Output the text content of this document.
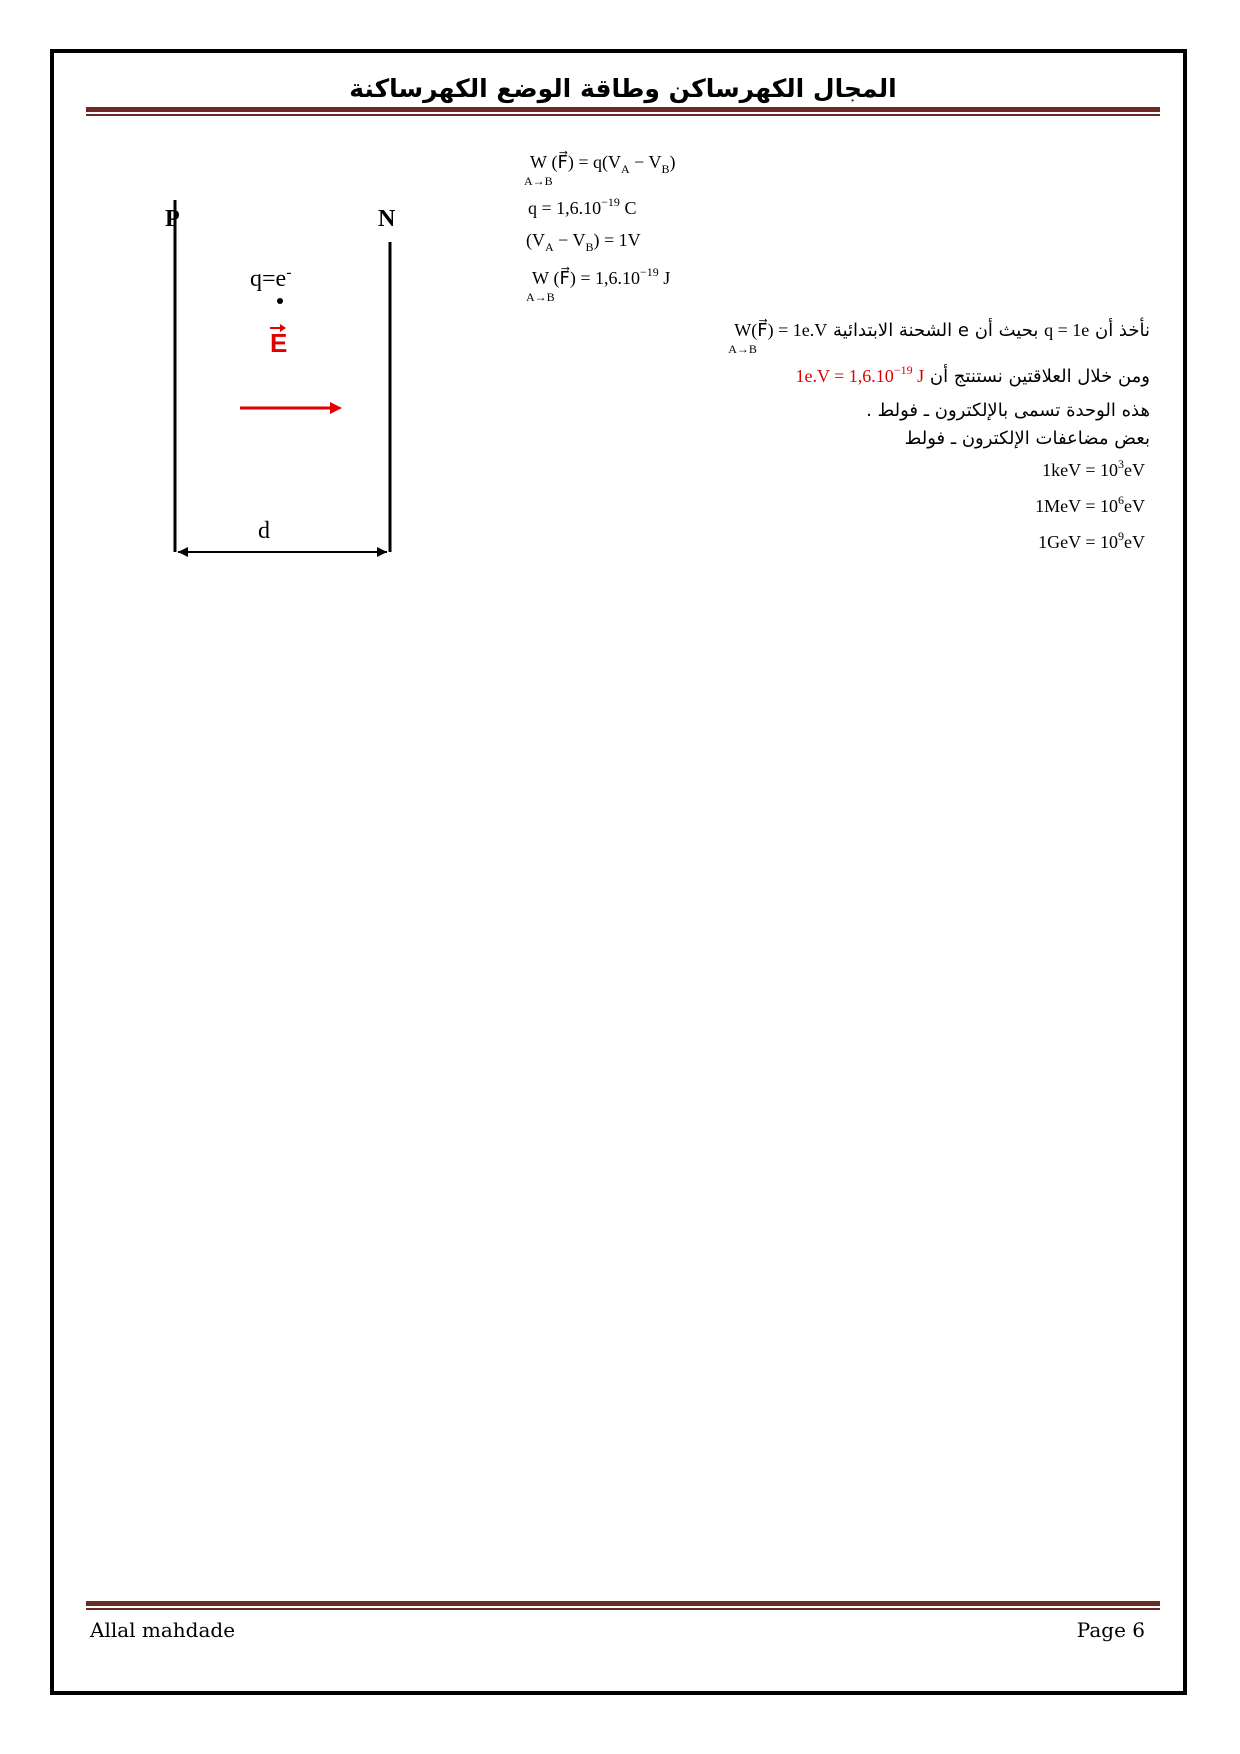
المجال الكهرساكن وطاقة الوضع الكهرساكنة
P	N
q=e-
E
d
W
A→B
(F⃗) = $q(V_A - V_B)$
$q = 1,6.10^{-19}$ C
$(V_A - V_B) = 1V$
W
A→B
(F⃗) = $1,6.10^{-19}$ J
نأخذ أن q = 1e بحيث أن e الشحنة الابتدائية W
A→B
(F⃗) = 1e.V
ومن خلال العلاقتين نستنتج أن $1e.V = 1,6.10^{-19}$ J
هذه الوحدة تسمى بالإلكترون ـ فولط .
بعض مضاعفات الإلكترون ـ فولط
$1keV = 10^3eV$
$1MeV = 10^6eV$
$1GeV = 10^9eV$
Allal mahdade	Page 6
